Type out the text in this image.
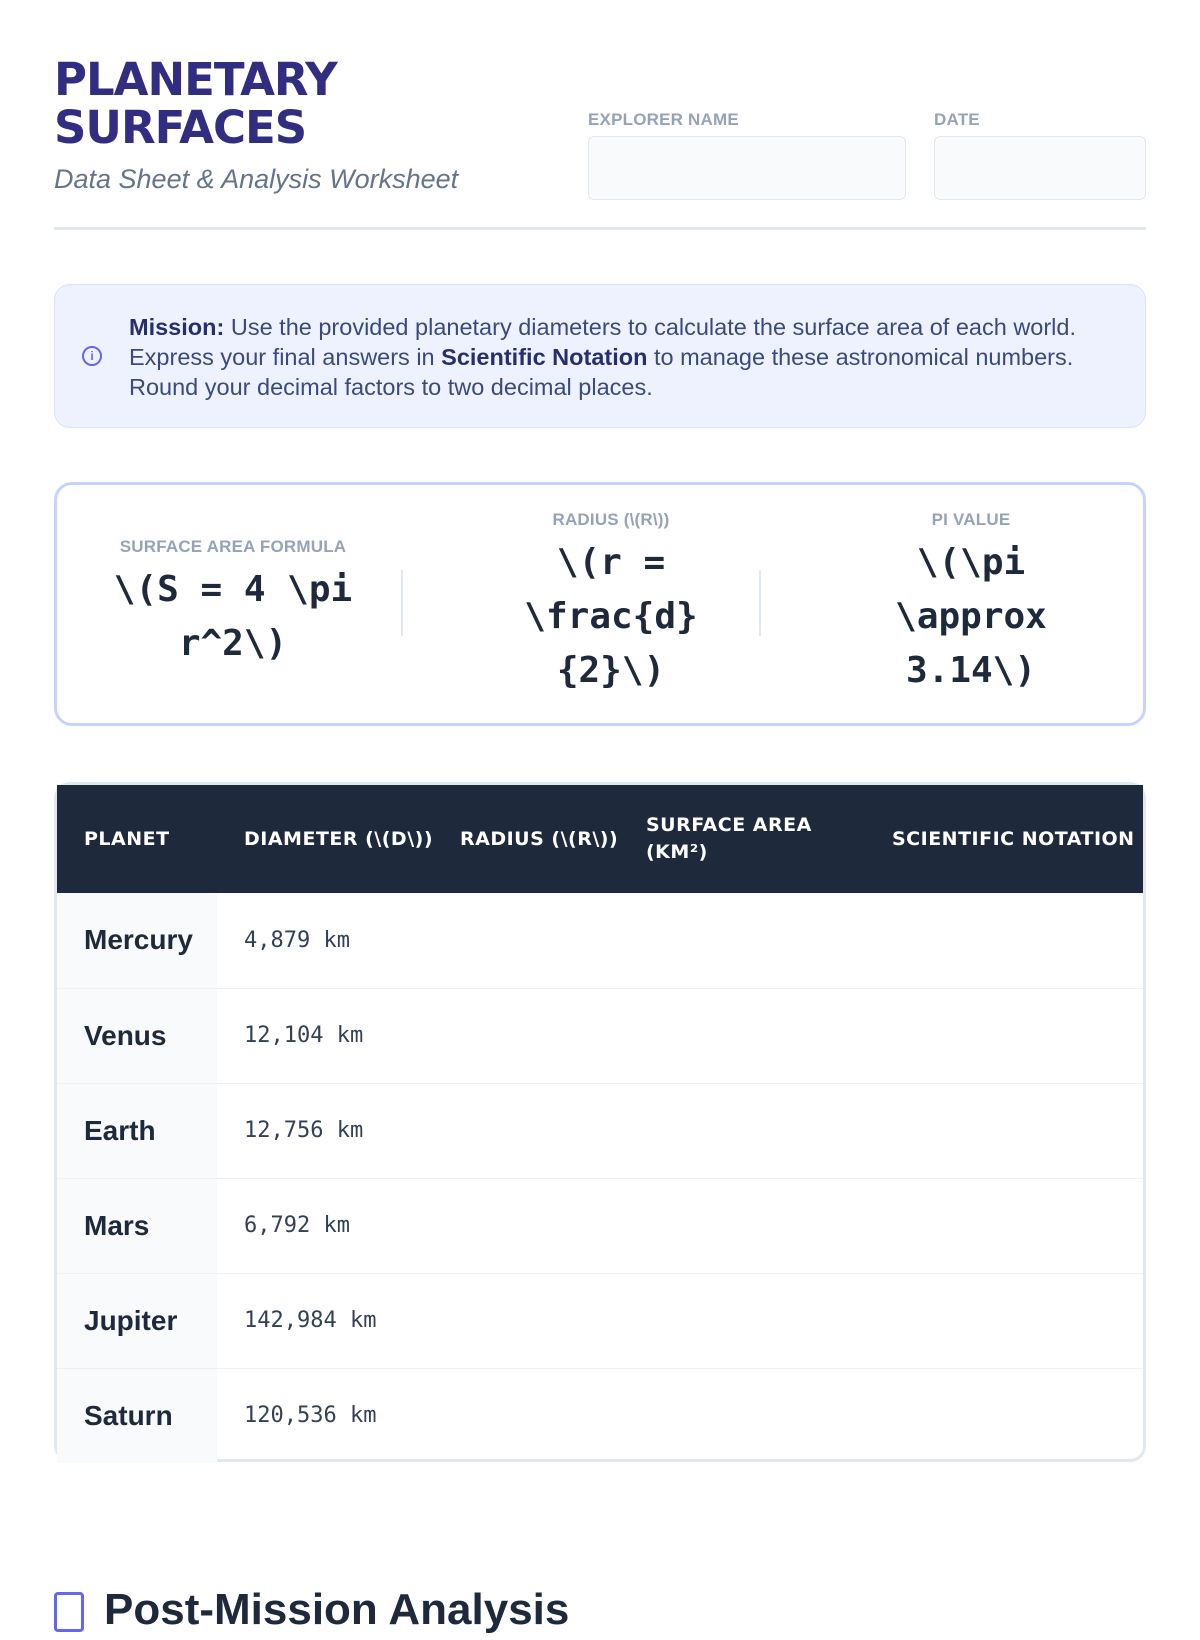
PLANETARY
SURFACES
Data Sheet & Analysis Worksheet
EXPLORER NAME	DATE
i
Mission: Use the provided planetary diameters to calculate the surface area of each world. Express your final answers in Scientific Notation to manage these astronomical numbers. Round your decimal factors to two decimal places.
SURFACE AREA FORMULA
\(S = 4 \pi r^2\)
RADIUS (\(R\))
\(r = \frac{d}{2}\)
PI VALUE
\(\pi \approx 3.14\)
PLANET	DIAMETER (\(D\))	RADIUS (\(R\))	SURFACE AREA (KM²)	SCIENTIFIC NOTATION
Mercury	4,879 km			
Venus	12,104 km			
Earth	12,756 km			
Mars	6,792 km			
Jupiter	142,984 km			
Saturn	120,536 km			
Post-Mission Analysis
